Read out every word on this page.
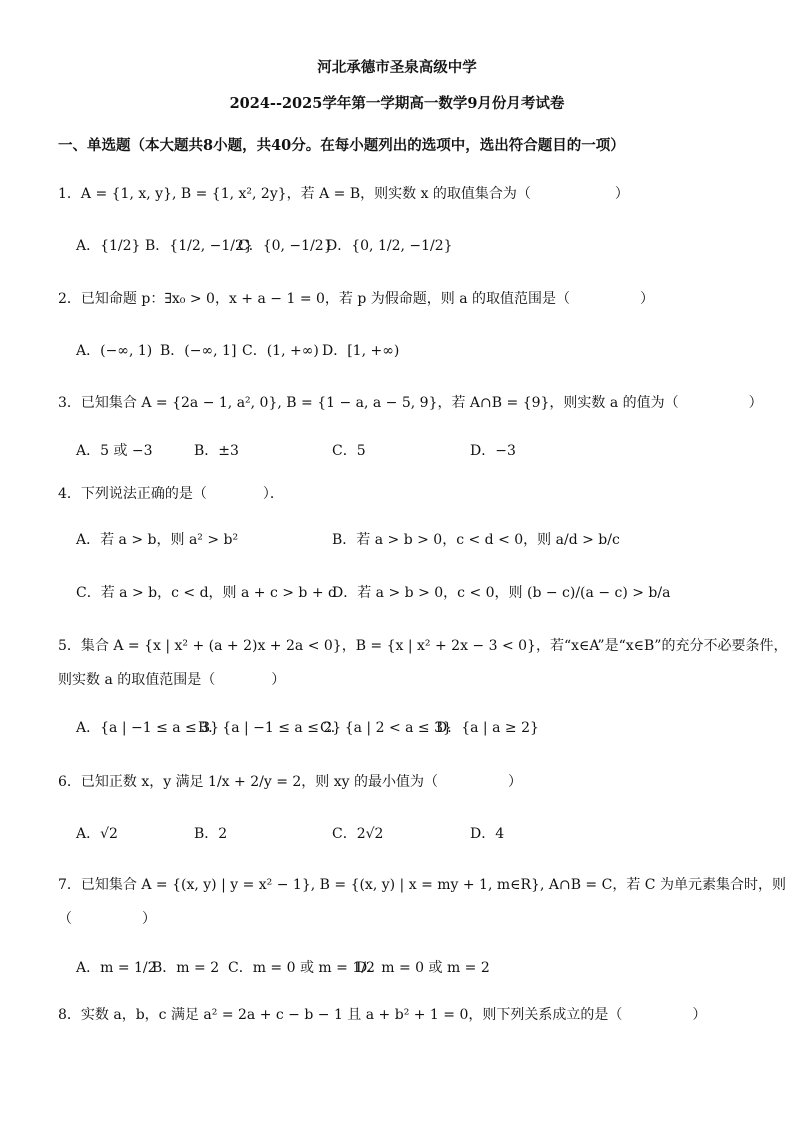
河北承德市圣泉高级中学
2024--2025学年第一学期高一数学9月份月考试卷
一、单选题（本大题共8小题，共40分。在每小题列出的选项中，选出符合题目的一项）
1．A = {1, x, y}, B = {1, x², 2y}，若 A = B，则实数 x 的取值集合为（　　　　　　）
A．{1/2} B．{1/2, −1/2}
C．{0, −1/2}
D．{0, 1/2, −1/2}
2．已知命题 p：∃x₀ > 0，x + a − 1 = 0，若 p 为假命题，则 a 的取值范围是（　　　　　）
A．(−∞, 1) B．(−∞, 1] C．(1, +∞) D．[1, +∞)
3．已知集合 A = {2a − 1, a², 0}, B = {1 − a, a − 5, 9}，若 A∩B = {9}，则实数 a 的值为（　　　　　）
A．5 或 −3	B．±3	C．5	D．−3
4．下列说法正确的是（　　　　）．
A．若 a > b，则 a² > b²	B．若 a > b > 0，c < d < 0，则 a/d > b/c
C．若 a > b，c < d，则 a + c > b + d
D．若 a > b > 0，c < 0，则 (b − c)/(a − c) > b/a
5．集合 A = {x | x² + (a + 2)x + 2a < 0}，B = {x | x² + 2x − 3 < 0}，若“x∈A”是“x∈B”的充分不必要条件，
则实数 a 的取值范围是（　　　　）
A．{a | −1 ≤ a ≤ 3}
B．{a | −1 ≤ a ≤ 2}
C．{a | 2 < a ≤ 3}
D．{a | a ≥ 2}
6．已知正数 x，y 满足 1/x + 2/y = 2，则 xy 的最小值为（　　　　　）
A．√2	B．2	C．2√2	D．4
7．已知集合 A = {(x, y) | y = x² − 1}, B = {(x, y) | x = my + 1, m∈R}, A∩B = C，若 C 为单元素集合时，则
（　　　　　）
A．m = 1/2
B．m = 2 C．m = 0 或 m = 1/2
D．m = 0 或 m = 2
8．实数 a，b，c 满足 a² = 2a + c − b − 1 且 a + b² + 1 = 0，则下列关系成立的是（　　　　　）
